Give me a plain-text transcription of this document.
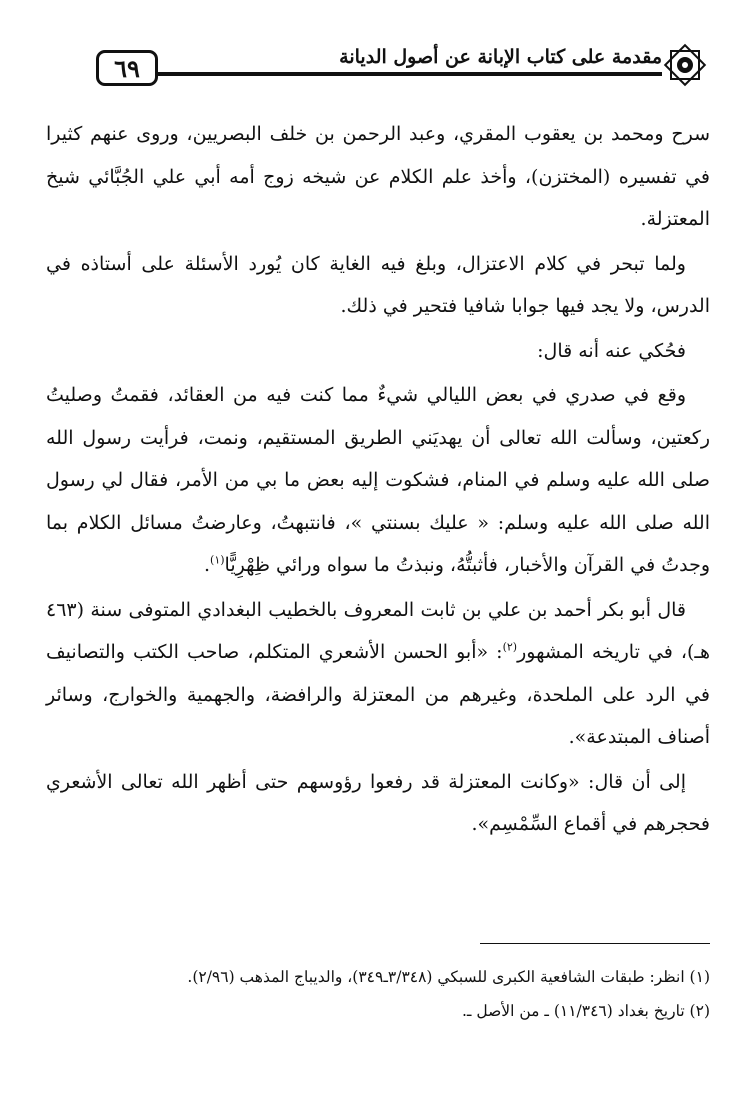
مقدمة على كتاب الإبانة عن أصول الديانة
٦٩

سرح ومحمد بن يعقوب المقري، وعبد الرحمن بن خلف البصريين، وروى عنهم كثيرا في تفسيره (المختزن)، وأخذ علم الكلام عن شيخه زوج أمه أبي علي الجُبَّائي شيخ المعتزلة.

ولما تبحر في كلام الاعتزال، وبلغ فيه الغاية كان يُورد الأسئلة على أستاذه في الدرس، ولا يجد فيها جوابا شافيا فتحير في ذلك.

فحُكي عنه أنه قال:

وقع في صدري في بعض الليالي شيءٌ مما كنت فيه من العقائد، فقمتُ وصليتُ ركعتين، وسألت الله تعالى أن يهديَني الطريق المستقيم، ونمت، فرأيت رسول الله صلى الله عليه وسلم في المنام، فشكوت إليه بعض ما بي من الأمر، فقال لي رسول الله صلى الله عليه وسلم: « عليك بسنتي »، فانتبهتُ، وعارضتُ مسائل الكلام بما وجدتُ في القرآن والأخبار، فأثبتُّهُ، ونبذتُ ما سواه ورائي ظِهْرِيًّا$^{(١)}$.

قال أبو بكر أحمد بن علي بن ثابت المعروف بالخطيب البغدادي المتوفى سنة (٤٦٣ هـ)، في تاريخه المشهور$^{(٢)}$: «أبو الحسن الأشعري المتكلم، صاحب الكتب والتصانيف في الرد على الملحدة، وغيرهم من المعتزلة والرافضة، والجهمية والخوارج، وسائر أصناف المبتدعة».

إلى أن قال: «وكانت المعتزلة قد رفعوا رؤوسهم حتى أظهر الله تعالى الأشعري فحجرهم في أقماع السِّمْسِم».

(١) انظر: طبقات الشافعية الكبرى للسبكي (٣/٣٤٨ـ٣٤٩)، والديباج المذهب (٢/٩٦).

(٢) تاريخ بغداد (١١/٣٤٦) ـ من الأصل ـ.
